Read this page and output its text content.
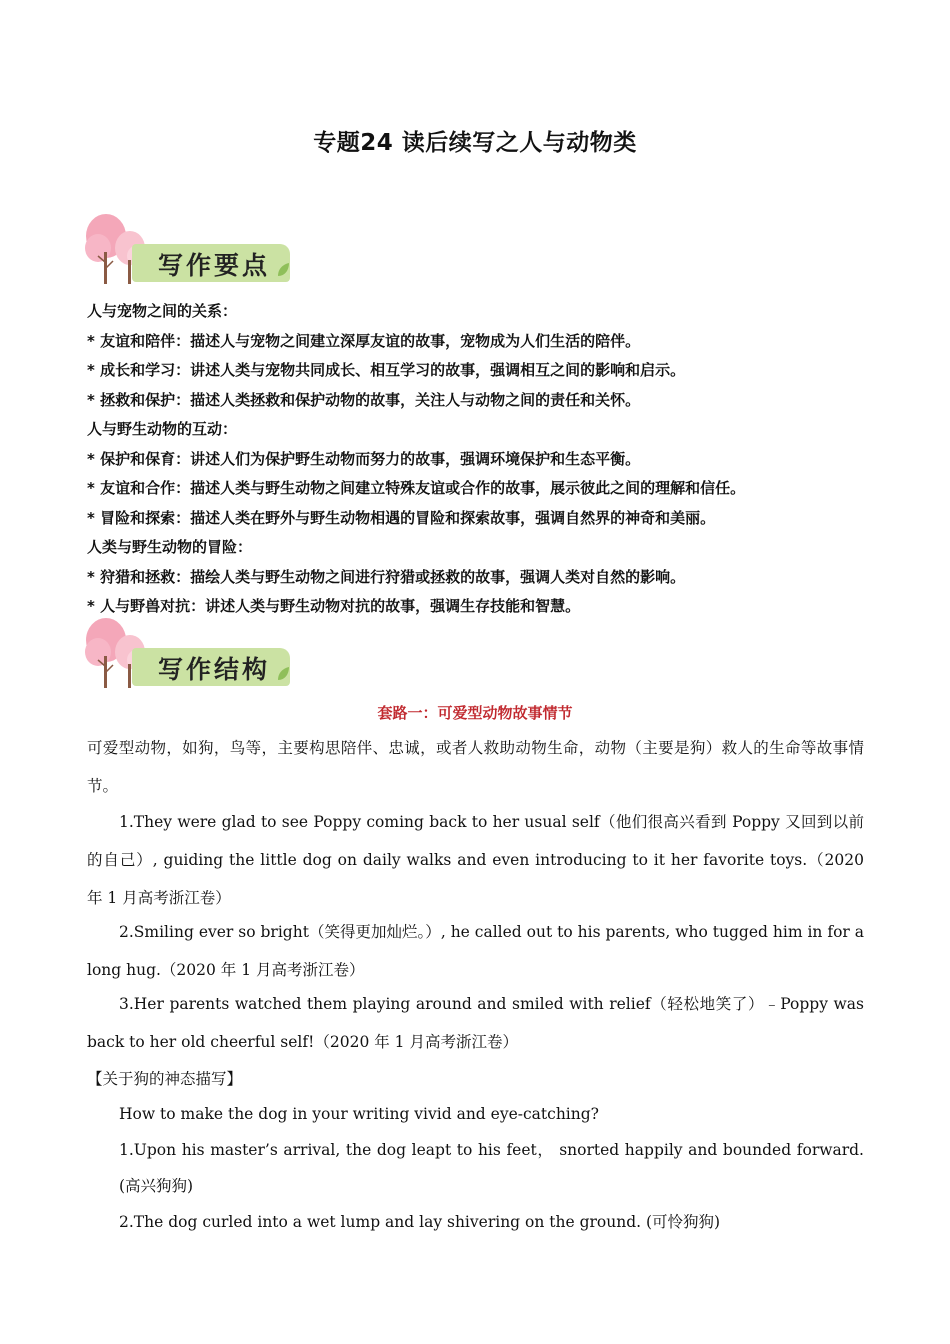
专题24 读后续写之人与动物类
写作要点

人与宠物之间的关系：

* 友谊和陪伴：描述人与宠物之间建立深厚友谊的故事，宠物成为人们生活的陪伴。

* 成长和学习：讲述人类与宠物共同成长、相互学习的故事，强调相互之间的影响和启示。

* 拯救和保护：描述人类拯救和保护动物的故事，关注人与动物之间的责任和关怀。

人与野生动物的互动：

* 保护和保育：讲述人们为保护野生动物而努力的故事，强调环境保护和生态平衡。

* 友谊和合作：描述人类与野生动物之间建立特殊友谊或合作的故事，展示彼此之间的理解和信任。

* 冒险和探索：描述人类在野外与野生动物相遇的冒险和探索故事，强调自然界的神奇和美丽。

人类与野生动物的冒险：

* 狩猎和拯救：描绘人类与野生动物之间进行狩猎或拯救的故事，强调人类对自然的影响。

* 人与野兽对抗：讲述人类与野生动物对抗的故事，强调生存技能和智慧。

写作结构
套路一：可爱型动物故事情节

可爱型动物，如狗，鸟等，主要构思陪伴、忠诚，或者人救助动物生命，动物（主要是狗）救人的生命等故事情节。

1.They were glad to see Poppy coming back to her usual self（他们很高兴看到 Poppy 又回到以前的自己）, guiding the little dog on daily walks and even introducing to it her favorite toys.（2020 年 1 月高考浙江卷）

2.Smiling ever so bright（笑得更加灿烂。）, he called out to his parents, who tugged him in for a long hug.（2020 年 1 月高考浙江卷）

3.Her parents watched them playing around and smiled with relief（轻松地笑了）﹣Poppy was back to her old cheerful self!（2020 年 1 月高考浙江卷）

【关于狗的神态描写】

How to make the dog in your writing vivid and eye-catching?

1.Upon his master’s arrival, the dog leapt to his feet， snorted happily and bounded forward.(高兴狗狗)

2.The dog curled into a wet lump and lay shivering on the ground. (可怜狗狗)
